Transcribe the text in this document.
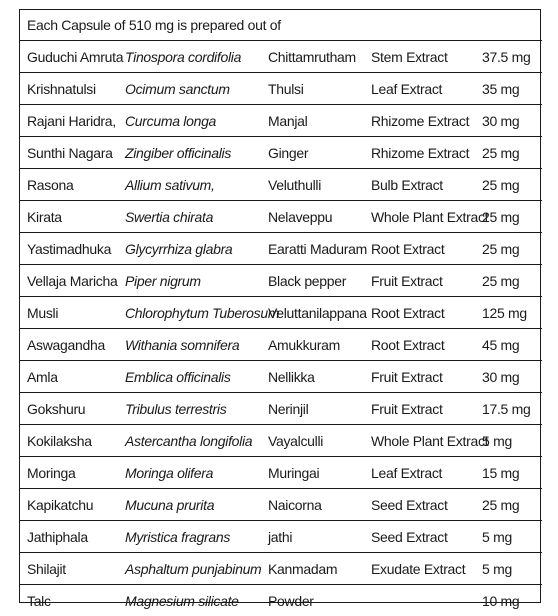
Each Capsule of 510 mg is prepared out of				
Guduchi Amruta	Tinospora cordifolia	Chittamrutham	Stem Extract	37.5 mg
Krishnatulsi	Ocimum sanctum	Thulsi	Leaf Extract	35 mg
Rajani Haridra,	Curcuma longa	Manjal	Rhizome Extract	30 mg
Sunthi Nagara	Zingiber officinalis	Ginger	Rhizome Extract	25 mg
Rasona	Allium sativum,	Veluthulli	Bulb Extract	25 mg
Kirata	Swertia chirata	Nelaveppu	Whole Plant Extract	25 mg
Yastimadhuka	Glycyrrhiza glabra	Earatti Maduram	Root Extract	25 mg
Vellaja Maricha	Piper nigrum	Black pepper	Fruit Extract	25 mg
Musli	Chlorophytum Tuberosum	Veluttanilappana	Root Extract	125 mg
Aswagandha	Withania somnifera	Amukkuram	Root Extract	45 mg
Amla	Emblica officinalis	Nellikka	Fruit Extract	30 mg
Gokshuru	Tribulus terrestris	Nerinjil	Fruit Extract	17.5 mg
Kokilaksha	Astercantha longifolia	Vayalculli	Whole Plant Extract	5 mg
Moringa	Moringa olifera	Muringai	Leaf Extract	15 mg
Kapikatchu	Mucuna prurita	Naicorna	Seed Extract	25 mg
Jathiphala	Myristica fragrans	jathi	Seed Extract	5 mg
Shilajit	Asphaltum punjabinum	Kanmadam	Exudate Extract	5 mg
Talc	Magnesium silicate	Powder		10 mg
